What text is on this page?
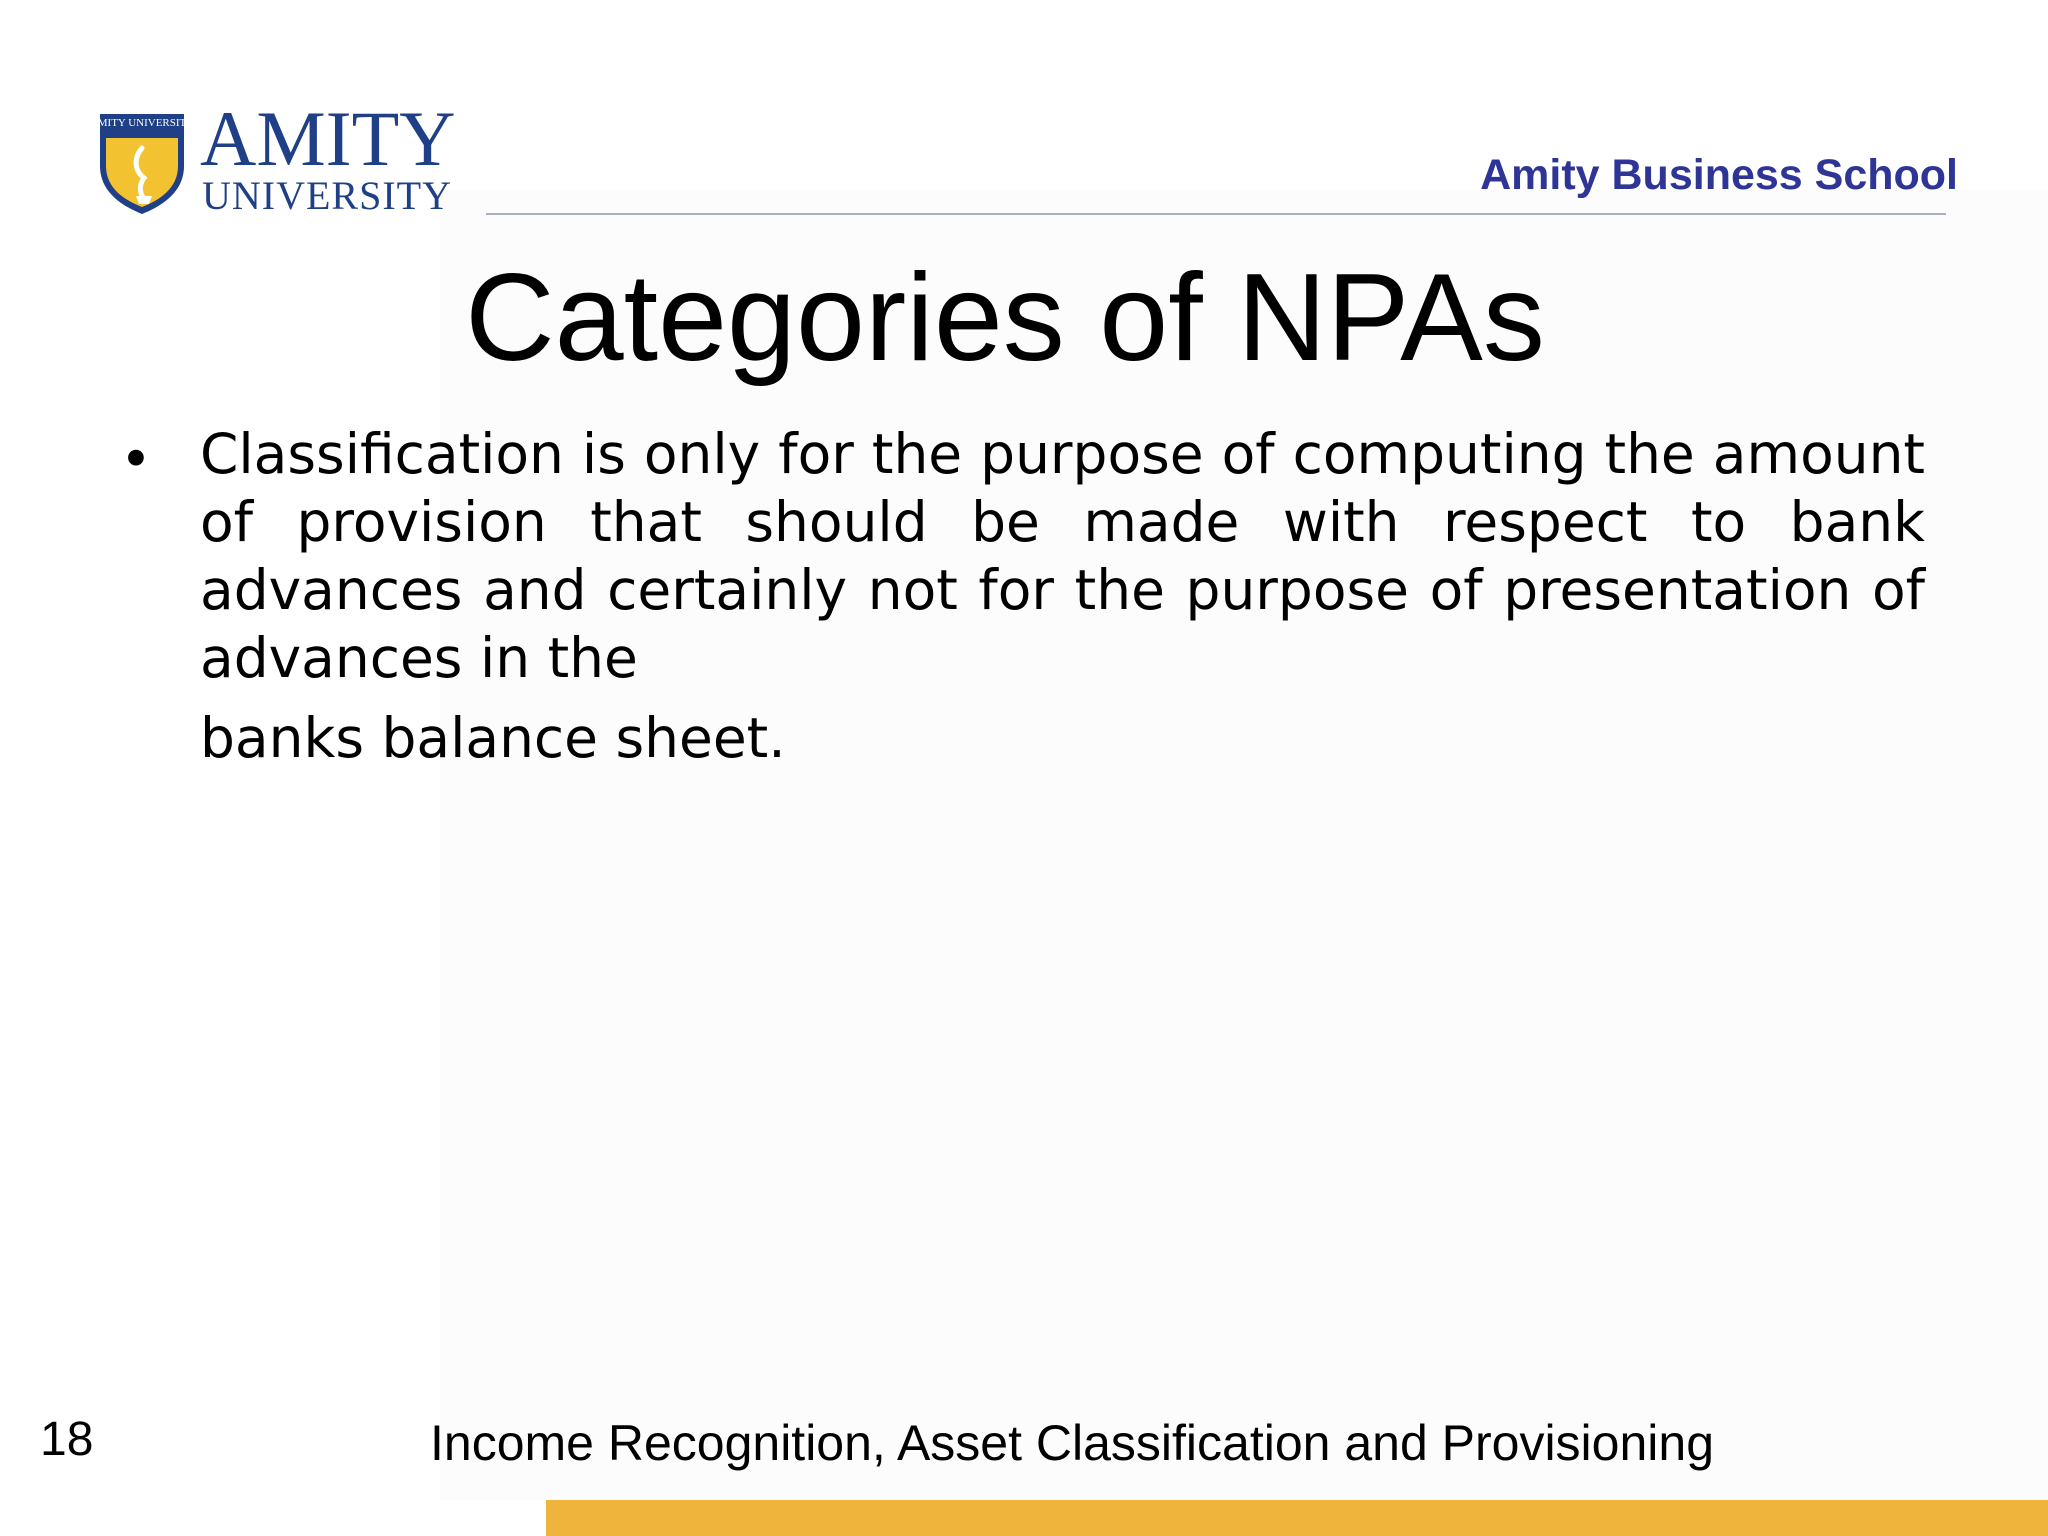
AMITY UNIVERSITY AMITY
UNIVERSITY	Amity Business School
Categories of NPAs
• Classification is only for the purpose of computing the amount of provision that should be made with respect to bank advances and certainly not for the purpose of presentation of advances in the
banks balance sheet.
18	Income Recognition, Asset Classification and Provisioning
